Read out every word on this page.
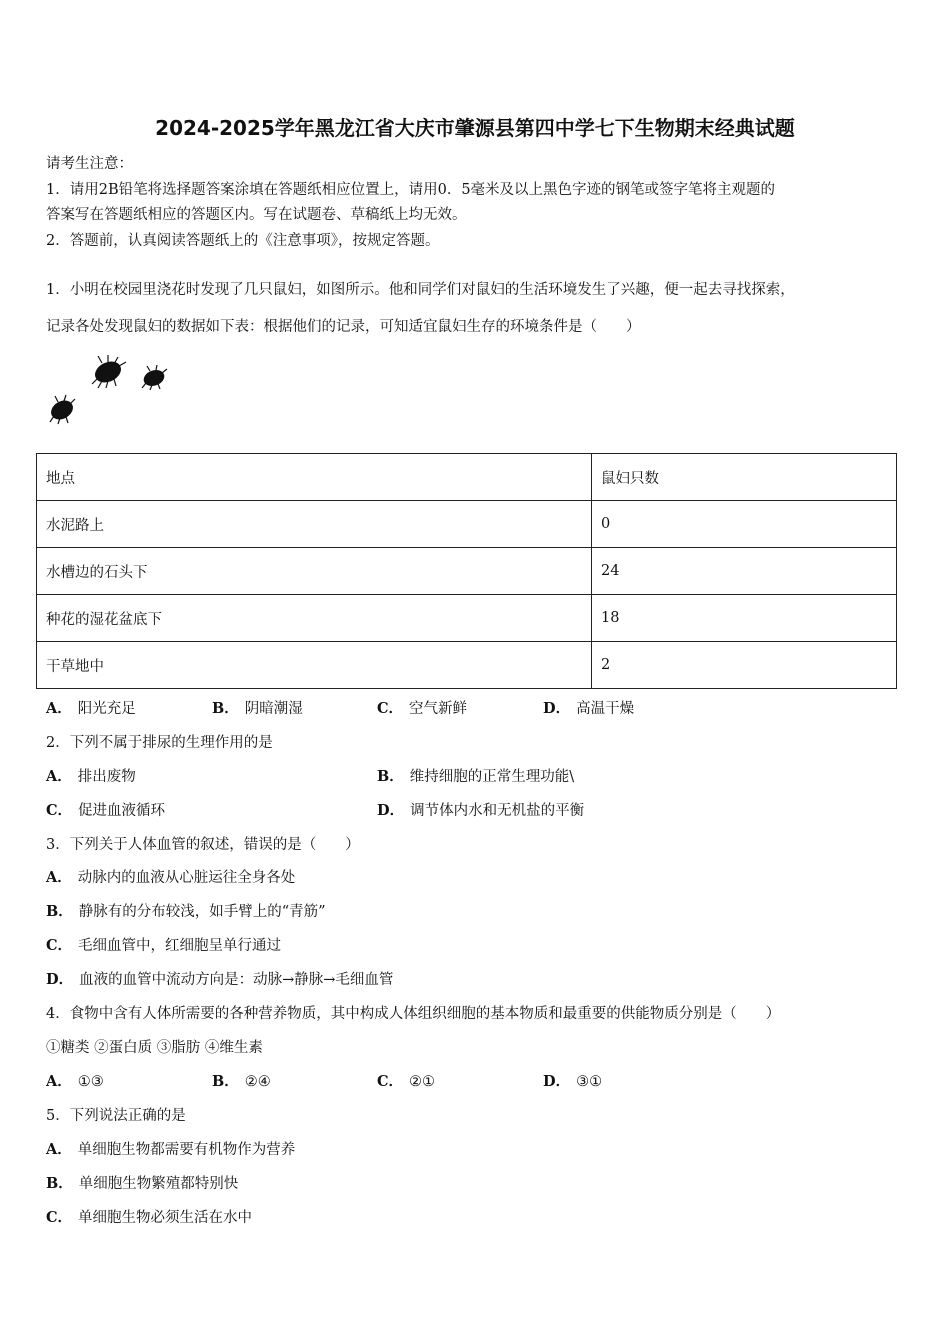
2024-2025学年黑龙江省大庆市肇源县第四中学七下生物期末经典试题
请考生注意：
1．请用2B铅笔将选择题答案涂填在答题纸相应位置上，请用0．5毫米及以上黑色字迹的钢笔或签字笔将主观题的
答案写在答题纸相应的答题区内。写在试题卷、草稿纸上均无效。
2．答题前，认真阅读答题纸上的《注意事项》，按规定答题。
1．小明在校园里浇花时发现了几只鼠妇，如图所示。他和同学们对鼠妇的生活环境发生了兴趣，便一起去寻找探索，
记录各处发现鼠妇的数据如下表：根据他们的记录，可知适宜鼠妇生存的环境条件是（　　）
地点	鼠妇只数
水泥路上	0
水槽边的石头下	24
种花的湿花盆底下	18
干草地中	2
A． 阳光充足	B． 阴暗潮湿	C． 空气新鲜	D． 高温干燥
2．下列不属于排尿的生理作用的是
A． 排出废物	B． 维持细胞的正常生理功能\
C． 促进血液循环	D． 调节体内水和无机盐的平衡
3．下列关于人体血管的叙述，错误的是（　　）
A． 动脉内的血液从心脏运往全身各处
B． 静脉有的分布较浅，如手臂上的“青筋”
C． 毛细血管中，红细胞呈单行通过
D． 血液的血管中流动方向是：动脉→静脉→毛细血管
4．食物中含有人体所需要的各种营养物质，其中构成人体组织细胞的基本物质和最重要的供能物质分别是（　　）
①糖类 ②蛋白质 ③脂肪 ④维生素
A． ①③	B． ②④	C． ②①	D． ③①
5．下列说法正确的是
A． 单细胞生物都需要有机物作为营养
B． 单细胞生物繁殖都特别快
C． 单细胞生物必须生活在水中
